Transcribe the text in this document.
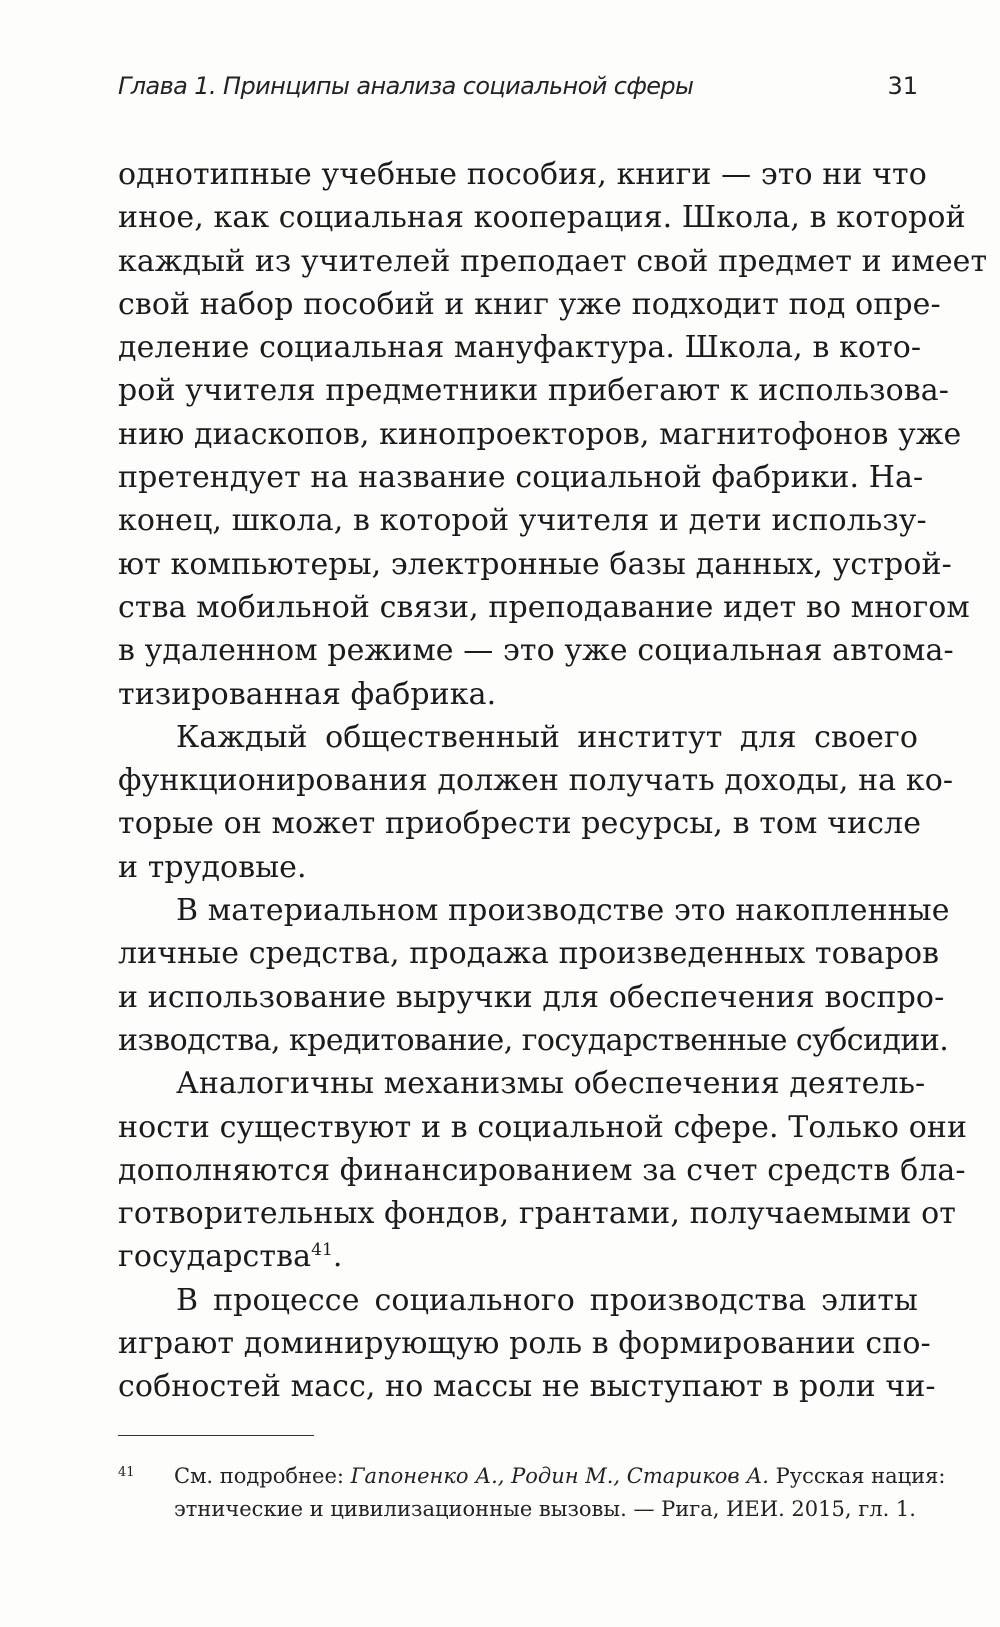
Глава 1. Принципы анализа социальной сферы	31
однотипные учебные пособия, книги — это ни что
иное, как социальная кооперация. Школа, в которой
каждый из учителей преподает свой предмет и имеет
свой набор пособий и книг уже подходит под опре-
деление социальная мануфактура. Школа, в кото-
рой учителя предметники прибегают к использова-
нию диаскопов, кинопроекторов, магнитофонов уже
претендует на название социальной фабрики. На-
конец, школа, в которой учителя и дети использу-
ют компьютеры, электронные базы данных, устрой-
ства мобильной связи, преподавание идет во многом
в удаленном режиме — это уже социальная автома-
тизированная фабрика.
Каждый общественный институт для своего
функционирования должен получать доходы, на ко-
торые он может приобрести ресурсы, в том числе
и трудовые.
В материальном производстве это накопленные
личные средства, продажа произведенных товаров
и использование выручки для обеспечения воспро-
изводства, кредитование, государственные субсидии.
Аналогичны механизмы обеспечения деятель-
ности существуют и в социальной сфере. Только они
дополняются финансированием за счет средств бла-
готворительных фондов, грантами, получаемыми от
государства$^{41}$.
В процессе социального производства элиты
играют доминирующую роль в формировании спо-
собностей масс, но массы не выступают в роли чи-
41 См. подробнее: Гапоненко А., Родин М., Стариков А. Русская нация:
этнические и цивилизационные вызовы. — Рига, ИЕИ. 2015, гл. 1.
